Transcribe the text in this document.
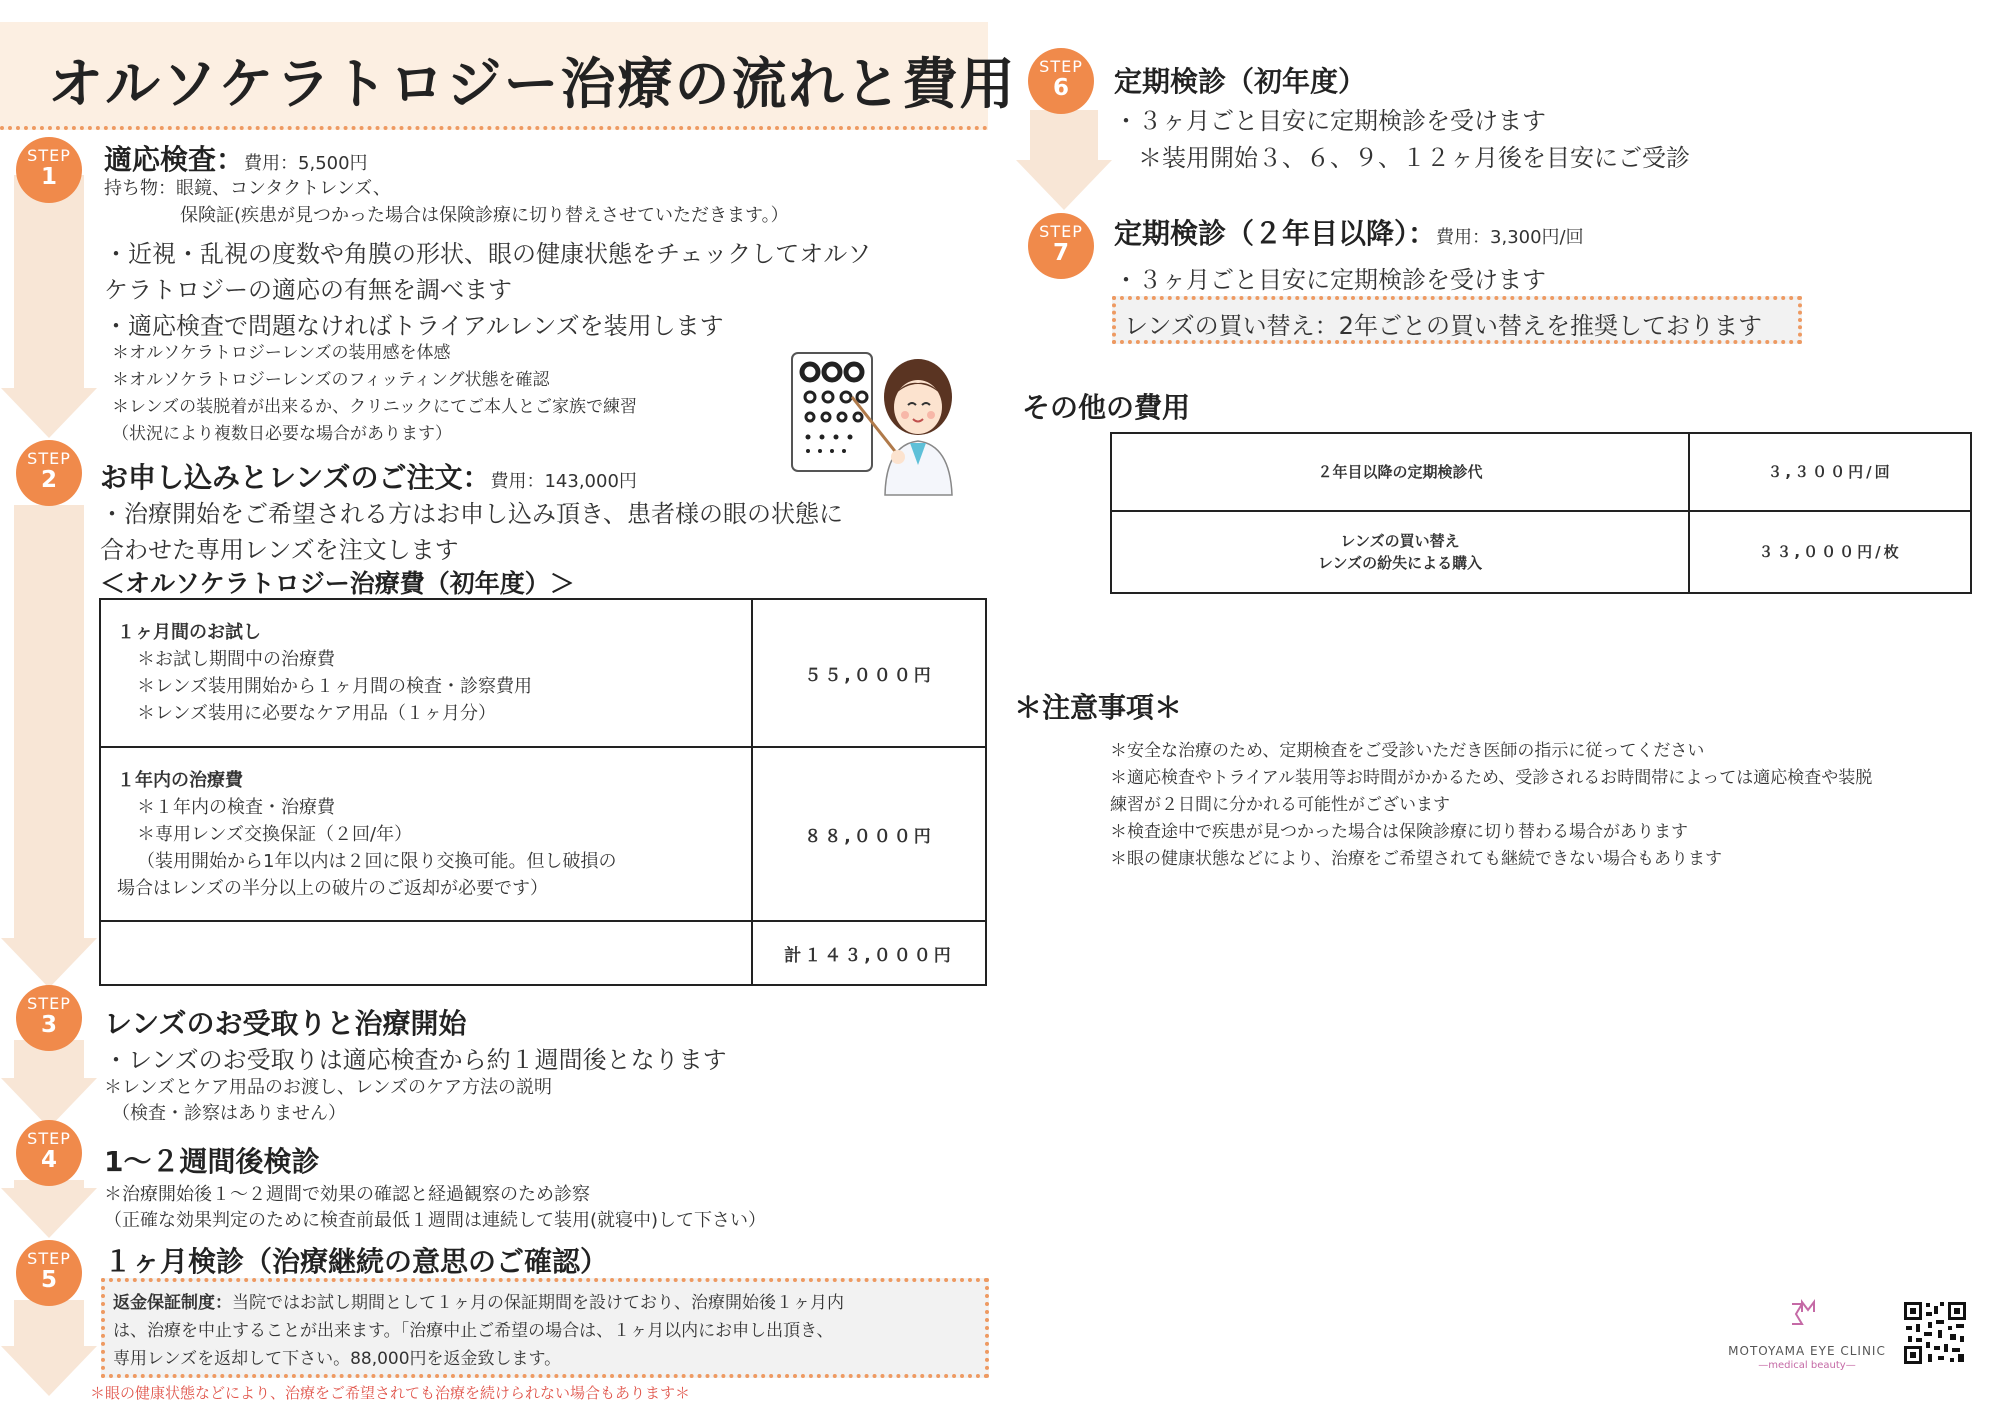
オルソケラトロジー治療の流れと費用
STEP
1
適応検査：費用：5,500円
持ち物：眼鏡、コンタクトレンズ、
保険証(疾患が見つかった場合は保険診療に切り替えさせていただきます。）
・近視・乱視の度数や角膜の形状、眼の健康状態をチェックしてオルソ
ケラトロジーの適応の有無を調べます
・適応検査で問題なければトライアルレンズを装用します
＊オルソケラトロジーレンズの装用感を体感
＊オルソケラトロジーレンズのフィッティング状態を確認
＊レンズの装脱着が出来るか、クリニックにてご本人とご家族で練習
（状況により複数日必要な場合があります）
STEP
2	お申し込みとレンズのご注文：費用：143,000円
・治療開始をご希望される方はお申し込み頂き、患者様の眼の状態に
合わせた専用レンズを注文します
＜オルソケラトロジー治療費（初年度）＞
１ヶ月間のお試し
＊お試し期間中の治療費
＊レンズ装用開始から１ヶ月間の検査・診察費用
＊レンズ装用に必要なケア用品（１ヶ月分）	５５,０００円

１年内の治療費
＊１年内の検査・治療費
＊専用レンズ交換保証（２回/年）
（装用開始から1年以内は２回に限り交換可能。但し破損の
場合はレンズの半分以上の破片のご返却が必要です）	８８,０００円
	計１４３,０００円
STEP
3	レンズのお受取りと治療開始
・レンズのお受取りは適応検査から約１週間後となります
＊レンズとケア用品のお渡し、レンズのケア方法の説明
（検査・診察はありません）
STEP
4	1〜２週間後検診
＊治療開始後１〜２週間で効果の確認と経過観察のため診察
（正確な効果判定のために検査前最低１週間は連続して装用(就寝中)して下さい）
STEP
5
１ヶ月検診（治療継続の意思のご確認）
返金保証制度：当院ではお試し期間として１ヶ月の保証期間を設けており、治療開始後１ヶ月内
は、治療を中止することが出来ます。「治療中止ご希望の場合は、１ヶ月以内にお申し出頂き、
専用レンズを返却して下さい。88,000円を返金致します。
＊眼の健康状態などにより、治療をご希望されても治療を続けられない場合もあります＊
STEP
6	定期検診（初年度）
・３ヶ月ごと目安に定期検診を受けます
＊装用開始３、６、９、１２ヶ月後を目安にご受診
STEP
7
定期検診（２年目以降）：費用：3,300円/回
・３ヶ月ごと目安に定期検診を受けます
レンズの買い替え：2年ごとの買い替えを推奨しております
その他の費用
２年目以降の定期検診代	３,３００円/回

レンズの買い替え
レンズの紛失による購入	３３,０００円/枚
＊注意事項＊
＊安全な治療のため、定期検査をご受診いただき医師の指示に従ってください
＊適応検査やトライアル装用等お時間がかかるため、受診されるお時間帯によっては適応検査や装脱
練習が２日間に分かれる可能性がございます
＊検査途中で疾患が見つかった場合は保険診療に切り替わる場合があります
＊眼の健康状態などにより、治療をご希望されても継続できない場合もあります
MOTOYAMA EYE CLINIC
—medical beauty—
